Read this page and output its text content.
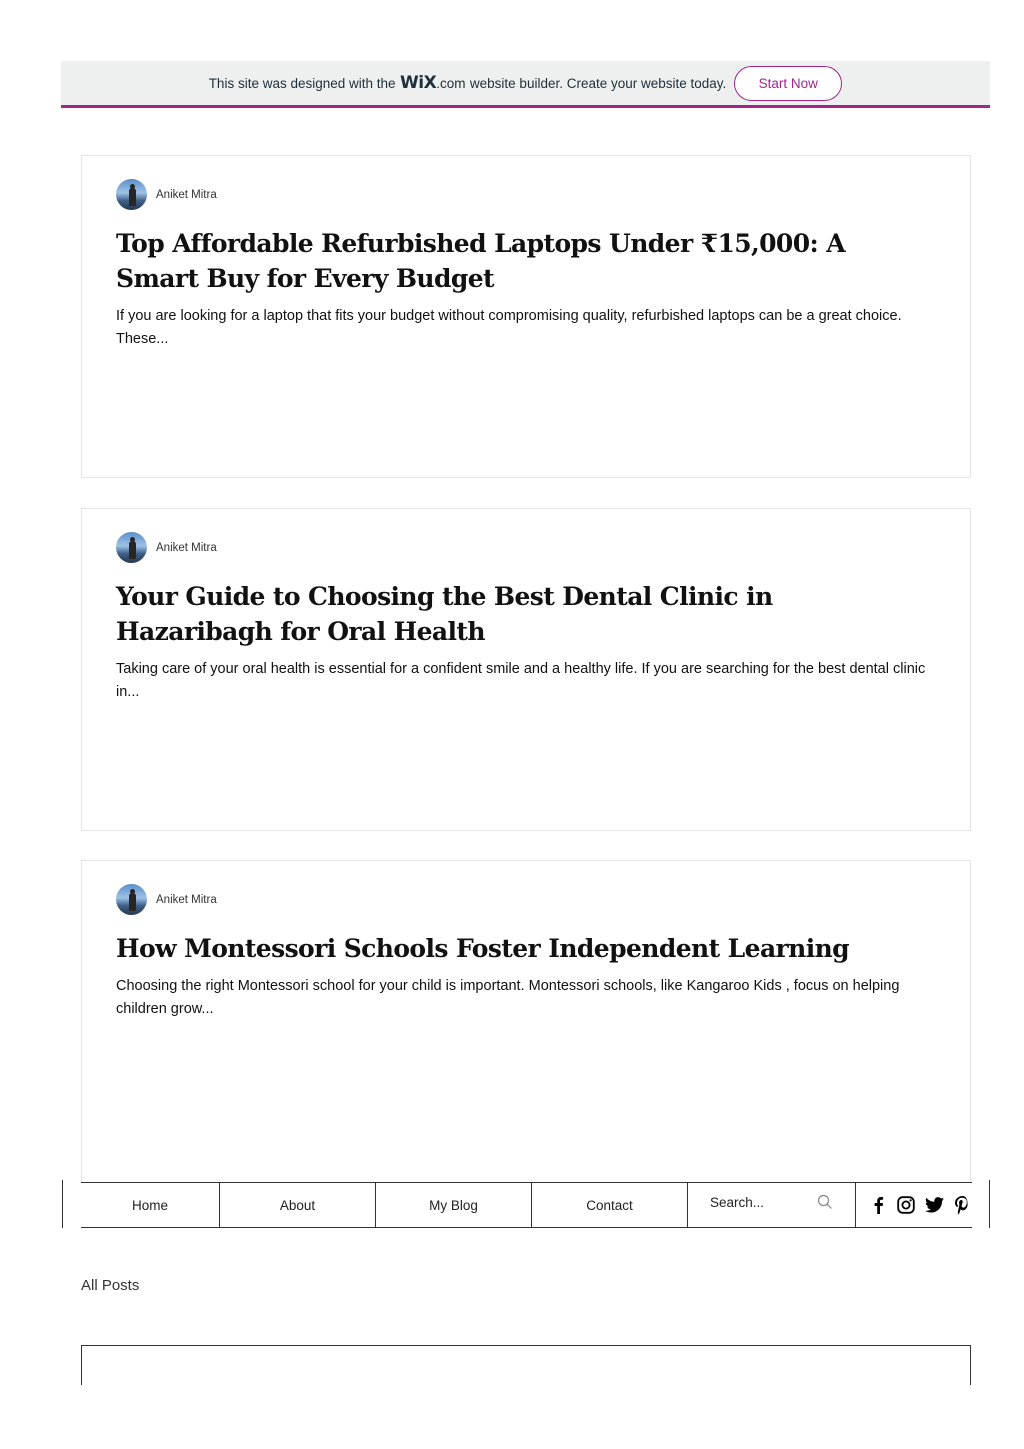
This site was designed with the
WiX .com
website builder. Create your website today.	Start Now
Aniket Mitra
Top Affordable Refurbished Laptops Under ₹15,000: A Smart Buy for Every Budget
If you are looking for a laptop that fits your budget without compromising quality, refurbished laptops can be a great choice. These...
Aniket Mitra
Your Guide to Choosing the Best Dental Clinic in Hazaribagh for Oral Health
Taking care of your oral health is essential for a confident smile and a healthy life. If you are searching for the best dental clinic in...
Aniket Mitra
How Montessori Schools Foster Independent Learning
Choosing the right Montessori school for your child is important. Montessori schools, like Kangaroo Kids , focus on helping children grow...
Home	About	My Blog	Contact
Search...
All Posts
